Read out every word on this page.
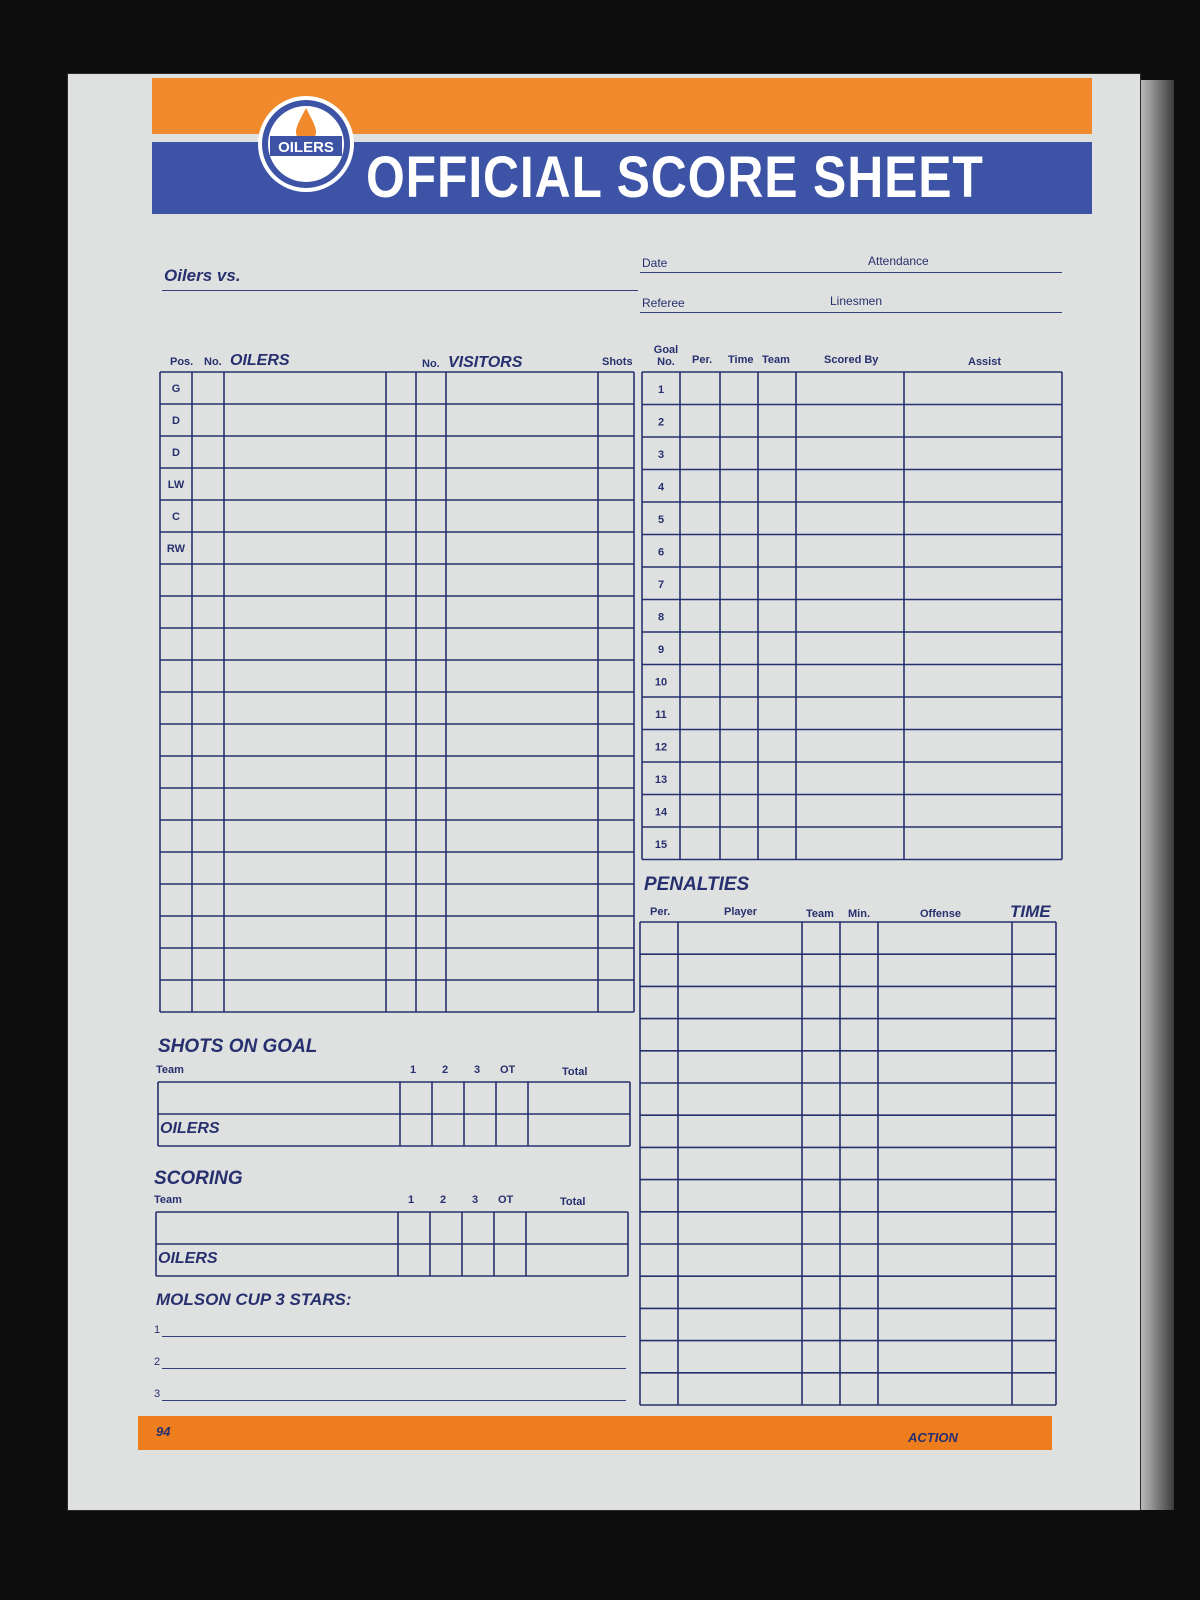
OFFICIAL SCORE SHEET
OILERS
Oilers vs.
Date	Attendance
Referee	Linesmen
Pos. No. OILERS	No. VISITORS	Shots
G
D
D
LW
C
RW
Goal No.	Per. Time Team	Scored By	Assist
1
2
3
4
5
6
7
8
9
10
11
12
13
14
15
PENALTIES
Per.	Player	Team Min.	Offense	TIME
SHOTS ON GOAL
Team	1 2 3 OT	Total
OILERS
SCORING
Team	1 2 3 OT	Total
OILERS
MOLSON CUP 3 STARS:
1
2
3
94	ACTION
